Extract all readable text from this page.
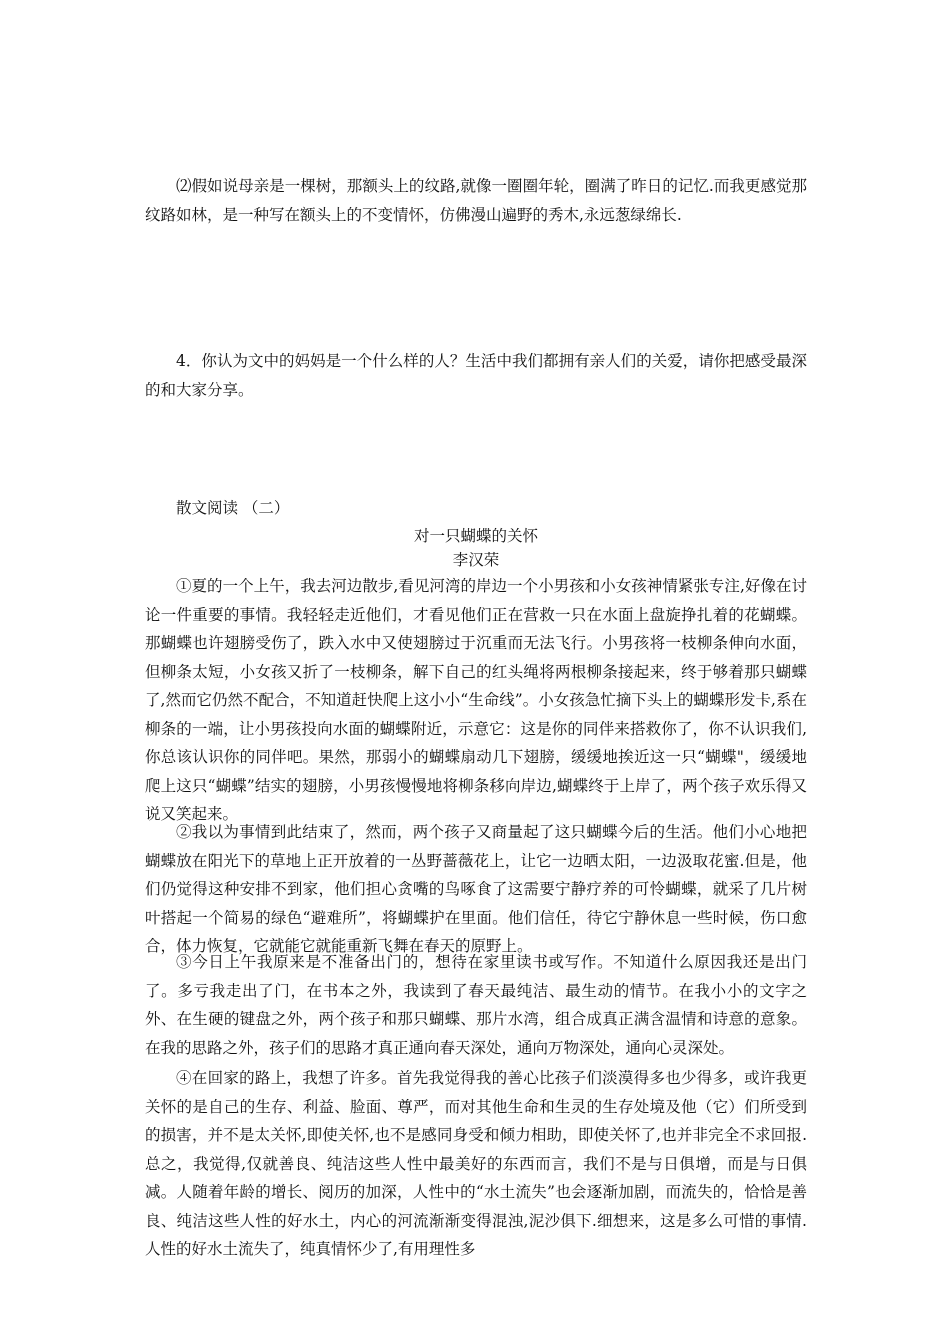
⑵假如说母亲是一棵树，那额头上的纹路,就像一圈圈年轮，圈满了昨日的记忆.而我更感觉那纹路如林，是一种写在额头上的不变情怀，仿佛漫山遍野的秀木,永远葱绿绵长.

4．你认为文中的妈妈是一个什么样的人？生活中我们都拥有亲人们的关爱，请你把感受最深的和大家分享。

散文阅读 （二）

对一只蝴蝶的关怀

李汉荣

①夏的一个上午，我去河边散步,看见河湾的岸边一个小男孩和小女孩神情紧张专注,好像在讨论一件重要的事情。我轻轻走近他们，才看见他们正在营救一只在水面上盘旋挣扎着的花蝴蝶。那蝴蝶也许翅膀受伤了，跌入水中又使翅膀过于沉重而无法飞行。小男孩将一枝柳条伸向水面，但柳条太短，小女孩又折了一枝柳条，解下自己的红头绳将两根柳条接起来，终于够着那只蝴蝶了,然而它仍然不配合，不知道赶快爬上这小小“生命线”。小女孩急忙摘下头上的蝴蝶形发卡,系在柳条的一端，让小男孩投向水面的蝴蝶附近，示意它：这是你的同伴来搭救你了，你不认识我们,你总该认识你的同伴吧。果然，那弱小的蝴蝶扇动几下翅膀，缓缓地挨近这一只“蝴蝶"，缓缓地爬上这只“蝴蝶”结实的翅膀，小男孩慢慢地将柳条移向岸边,蝴蝶终于上岸了，两个孩子欢乐得又说又笑起来。

②我以为事情到此结束了，然而，两个孩子又商量起了这只蝴蝶今后的生活。他们小心地把蝴蝶放在阳光下的草地上正开放着的一丛野蔷薇花上，让它一边晒太阳，一边汲取花蜜.但是，他们仍觉得这种安排不到家，他们担心贪嘴的鸟啄食了这需要宁静疗养的可怜蝴蝶，就采了几片树叶搭起一个简易的绿色“避难所”，将蝴蝶护在里面。他们信任，待它宁静休息一些时候，伤口愈合，体力恢复，它就能它就能重新飞舞在春天的原野上。

③今日上午我原来是不准备出门的，想待在家里读书或写作。不知道什么原因我还是出门了。多亏我走出了门，在书本之外，我读到了春天最纯洁、最生动的情节。在我小小的文字之外、在生硬的键盘之外，两个孩子和那只蝴蝶、那片水湾，组合成真正满含温情和诗意的意象。在我的思路之外，孩子们的思路才真正通向春天深处，通向万物深处，通向心灵深处。

④在回家的路上，我想了许多。首先我觉得我的善心比孩子们淡漠得多也少得多，或许我更关怀的是自己的生存、利益、脸面、尊严，而对其他生命和生灵的生存处境及他（它）们所受到的损害，并不是太关怀,即使关怀,也不是感同身受和倾力相助，即使关怀了,也并非完全不求回报.总之，我觉得,仅就善良、纯洁这些人性中最美好的东西而言，我们不是与日俱增，而是与日俱减。人随着年龄的增长、阅历的加深，人性中的“水土流失”也会逐渐加剧，而流失的，恰恰是善良、纯洁这些人性的好水土，内心的河流渐渐变得混浊,泥沙俱下.细想来，这是多么可惜的事情.人性的好水土流失了，纯真情怀少了,有用理性多
